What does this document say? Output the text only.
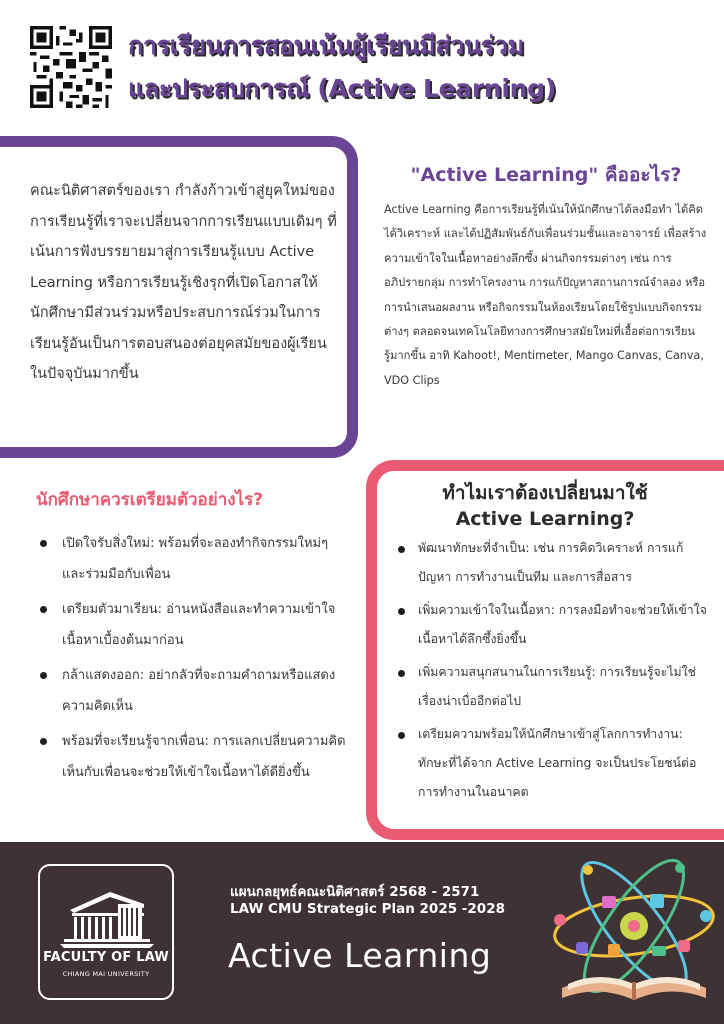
การเรียนการสอนเน้นผู้เรียนมีส่วนร่วม
และประสบการณ์ (Active Learning)

คณะนิติศาสตร์ของเรา กำลังก้าวเข้าสู่ยุคใหม่ของการเรียนรู้ที่เราจะเปลี่ยนจากการเรียนแบบเดิมๆ ที่เน้นการฟังบรรยายมาสู่การเรียนรู้แบบ Active Learning หรือการเรียนรู้เชิงรุกที่เปิดโอกาสให้นักศึกษามีส่วนร่วมหรือประสบการณ์ร่วมในการเรียนรู้อันเป็นการตอบสนองต่อยุคสมัยของผู้เรียนในปัจจุบันมากขึ้น

"Active Learning" คืออะไร?

Active Learning คือการเรียนรู้ที่เน้นให้นักศึกษาได้ลงมือทำ ได้คิด ได้วิเคราะห์ และได้ปฏิสัมพันธ์กับเพื่อนร่วมชั้นและอาจารย์ เพื่อสร้างความเข้าใจในเนื้อหาอย่างลึกซึ้ง ผ่านกิจกรรมต่างๆ เช่น การอภิปรายกลุ่ม การทำโครงงาน การแก้ปัญหาสถานการณ์จำลอง หรือการนำเสนอผลงาน หรือกิจกรรมในห้องเรียนโดยใช้รูปแบบกิจกรรมต่างๆ ตลอดจนเทคโนโลยีทางการศึกษาสมัยใหม่ที่เอื้อต่อการเรียนรู้มากขึ้น อาทิ Kahoot!, Mentimeter, Mango Canvas, Canva, VDO Clips

นักศึกษาควรเตรียมตัวอย่างไร?
เปิดใจรับสิ่งใหม่: พร้อมที่จะลองทำกิจกรรมใหม่ๆ และร่วมมือกับเพื่อน
เตรียมตัวมาเรียน: อ่านหนังสือและทำความเข้าใจเนื้อหาเบื้องต้นมาก่อน
กล้าแสดงออก: อย่ากลัวที่จะถามคำถามหรือแสดงความคิดเห็น
พร้อมที่จะเรียนรู้จากเพื่อน: การแลกเปลี่ยนความคิดเห็นกับเพื่อนจะช่วยให้เข้าใจเนื้อหาได้ดียิ่งขึ้น
ทำไมเราต้องเปลี่ยนมาใช้
Active Learning?
พัฒนาทักษะที่จำเป็น: เช่น การคิดวิเคราะห์ การแก้ปัญหา การทำงานเป็นทีม และการสื่อสาร
เพิ่มความเข้าใจในเนื้อหา: การลงมือทำจะช่วยให้เข้าใจเนื้อหาได้ลึกซึ้งยิ่งขึ้น
เพิ่มความสนุกสนานในการเรียนรู้: การเรียนรู้จะไม่ใช่เรื่องน่าเบื่ออีกต่อไป
เตรียมความพร้อมให้นักศึกษาเข้าสู่โลกการทำงาน: ทักษะที่ได้จาก Active Learning จะเป็นประโยชน์ต่อการทำงานในอนาคต
FACULTY OF LAW
CHIANG MAI UNIVERSITY
แผนกลยุทธ์คณะนิติศาสตร์ 2568 - 2571
LAW CMU Strategic Plan 2025 -2028
Active Learning
